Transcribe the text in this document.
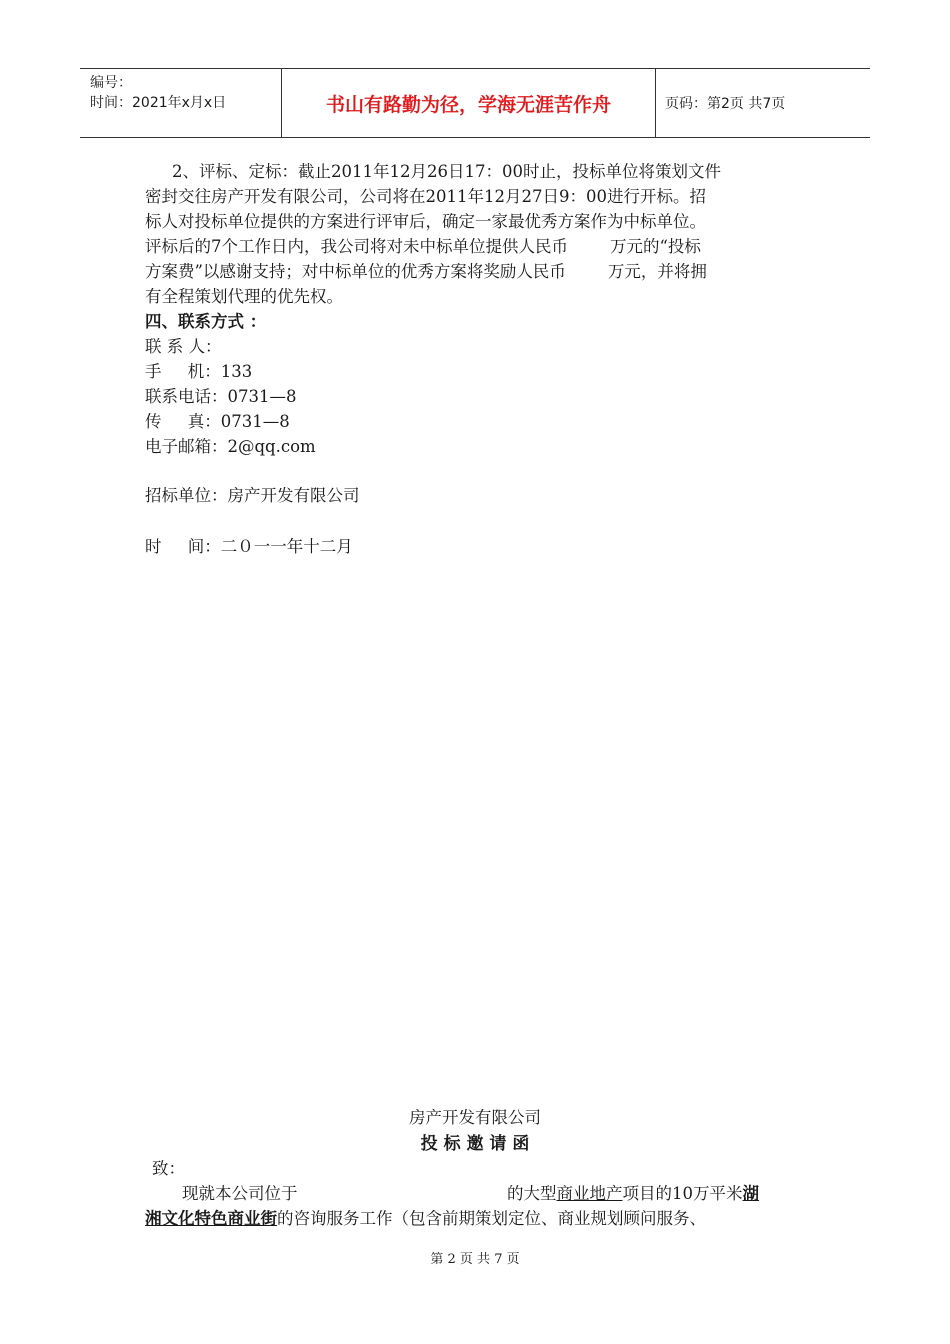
编号：
时间：2021年x月x日	书山有路勤为径，学海无涯苦作舟	页码：第2页 共7页
2、评标、定标：截止2011年12月26日17：00时止，投标单位将策划文件
密封交往房产开发有限公司，公司将在2011年12月27日9：00进行开标。招
标人对投标单位提供的方案进行评审后，确定一家最优秀方案作为中标单位。
评标后的7个工作日内，我公司将对未中标单位提供人民币        万元的“投标
方案费”以感谢支持；对中标单位的优秀方案将奖励人民币        万元，并将拥
有全程策划代理的优先权。
四、联系方式 ：
联 系 人：
手     机：133
联系电话：0731—8
传     真：0731—8
电子邮箱：2@qq.com
招标单位：房产开发有限公司
时     间：二０一一年十二月
房产开发有限公司
投 标 邀 请 函
致：
现就本公司位于	的大型商业地产项目的10万平米湖
湘文化特色商业街的咨询服务工作（包含前期策划定位、商业规划顾问服务、
第 2 页 共 7 页
